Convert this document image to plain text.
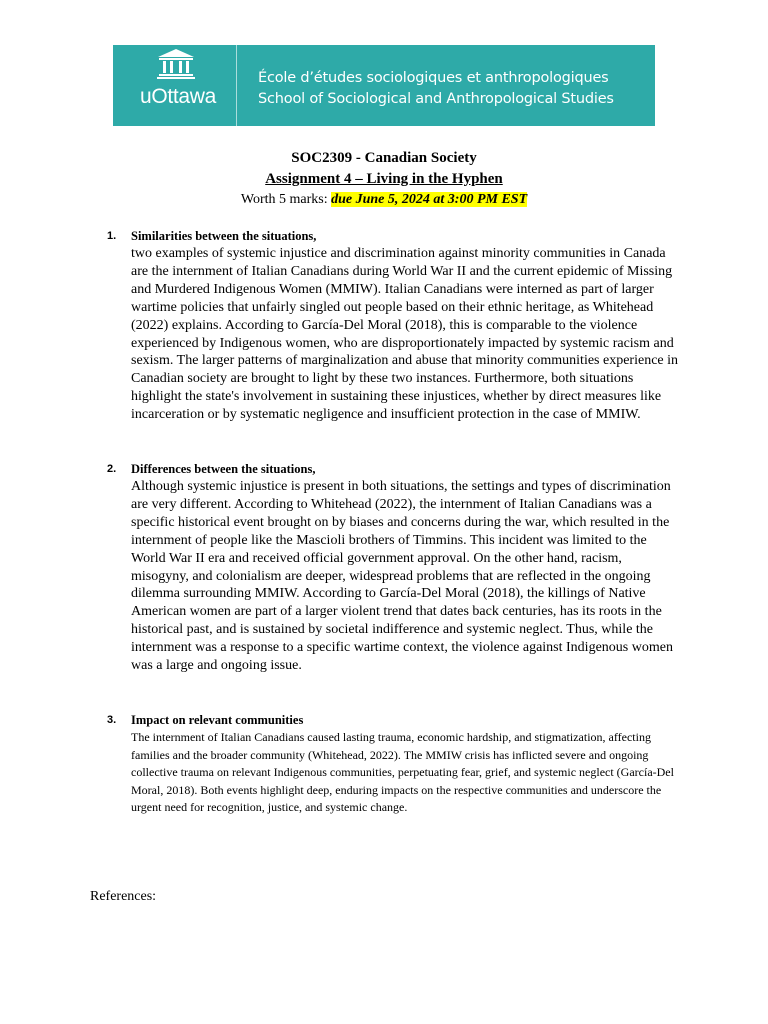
uOttawa
École d’études sociologiques et anthropologiques
School of Sociological and Anthropological Studies
SOC2309 - Canadian Society
Assignment 4 – Living in the Hyphen
Worth 5 marks: due June 5, 2024 at 3:00 PM EST
1.	Similarities between the situations,

two examples of systemic injustice and discrimination against minority communities in Canada are the internment of Italian Canadians during World War II and the current epidemic of Missing and Murdered Indigenous Women (MMIW). Italian Canadians were interned as part of larger wartime policies that unfairly singled out people based on their ethnic heritage, as Whitehead (2022) explains. According to García-Del Moral (2018), this is comparable to the violence experienced by Indigenous women, who are disproportionately impacted by systemic racism and sexism. The larger patterns of marginalization and abuse that minority communities experience in Canadian society are brought to light by these two instances. Furthermore, both situations highlight the state's involvement in sustaining these injustices, whether by direct measures like incarceration or by systematic negligence and insufficient protection in the case of MMIW.

2.	Differences between the situations,

Although systemic injustice is present in both situations, the settings and types of discrimination are very different. According to Whitehead (2022), the internment of Italian Canadians was a specific historical event brought on by biases and concerns during the war, which resulted in the internment of people like the Mascioli brothers of Timmins. This incident was limited to the World War II era and received official government approval. On the other hand, racism, misogyny, and colonialism are deeper, widespread problems that are reflected in the ongoing dilemma surrounding MMIW. According to García-Del Moral (2018), the killings of Native American women are part of a larger violent trend that dates back centuries, has its roots in the historical past, and is sustained by societal indifference and systemic neglect. Thus, while the internment was a response to a specific wartime context, the violence against Indigenous women was a large and ongoing issue.

3.	Impact on relevant communities

The internment of Italian Canadians caused lasting trauma, economic hardship, and stigmatization, affecting families and the broader community (Whitehead, 2022). The MMIW crisis has inflicted severe and ongoing collective trauma on relevant Indigenous communities, perpetuating fear, grief, and systemic neglect (García-Del Moral, 2018). Both events highlight deep, enduring impacts on the respective communities and underscore the urgent need for recognition, justice, and systemic change.

References:
